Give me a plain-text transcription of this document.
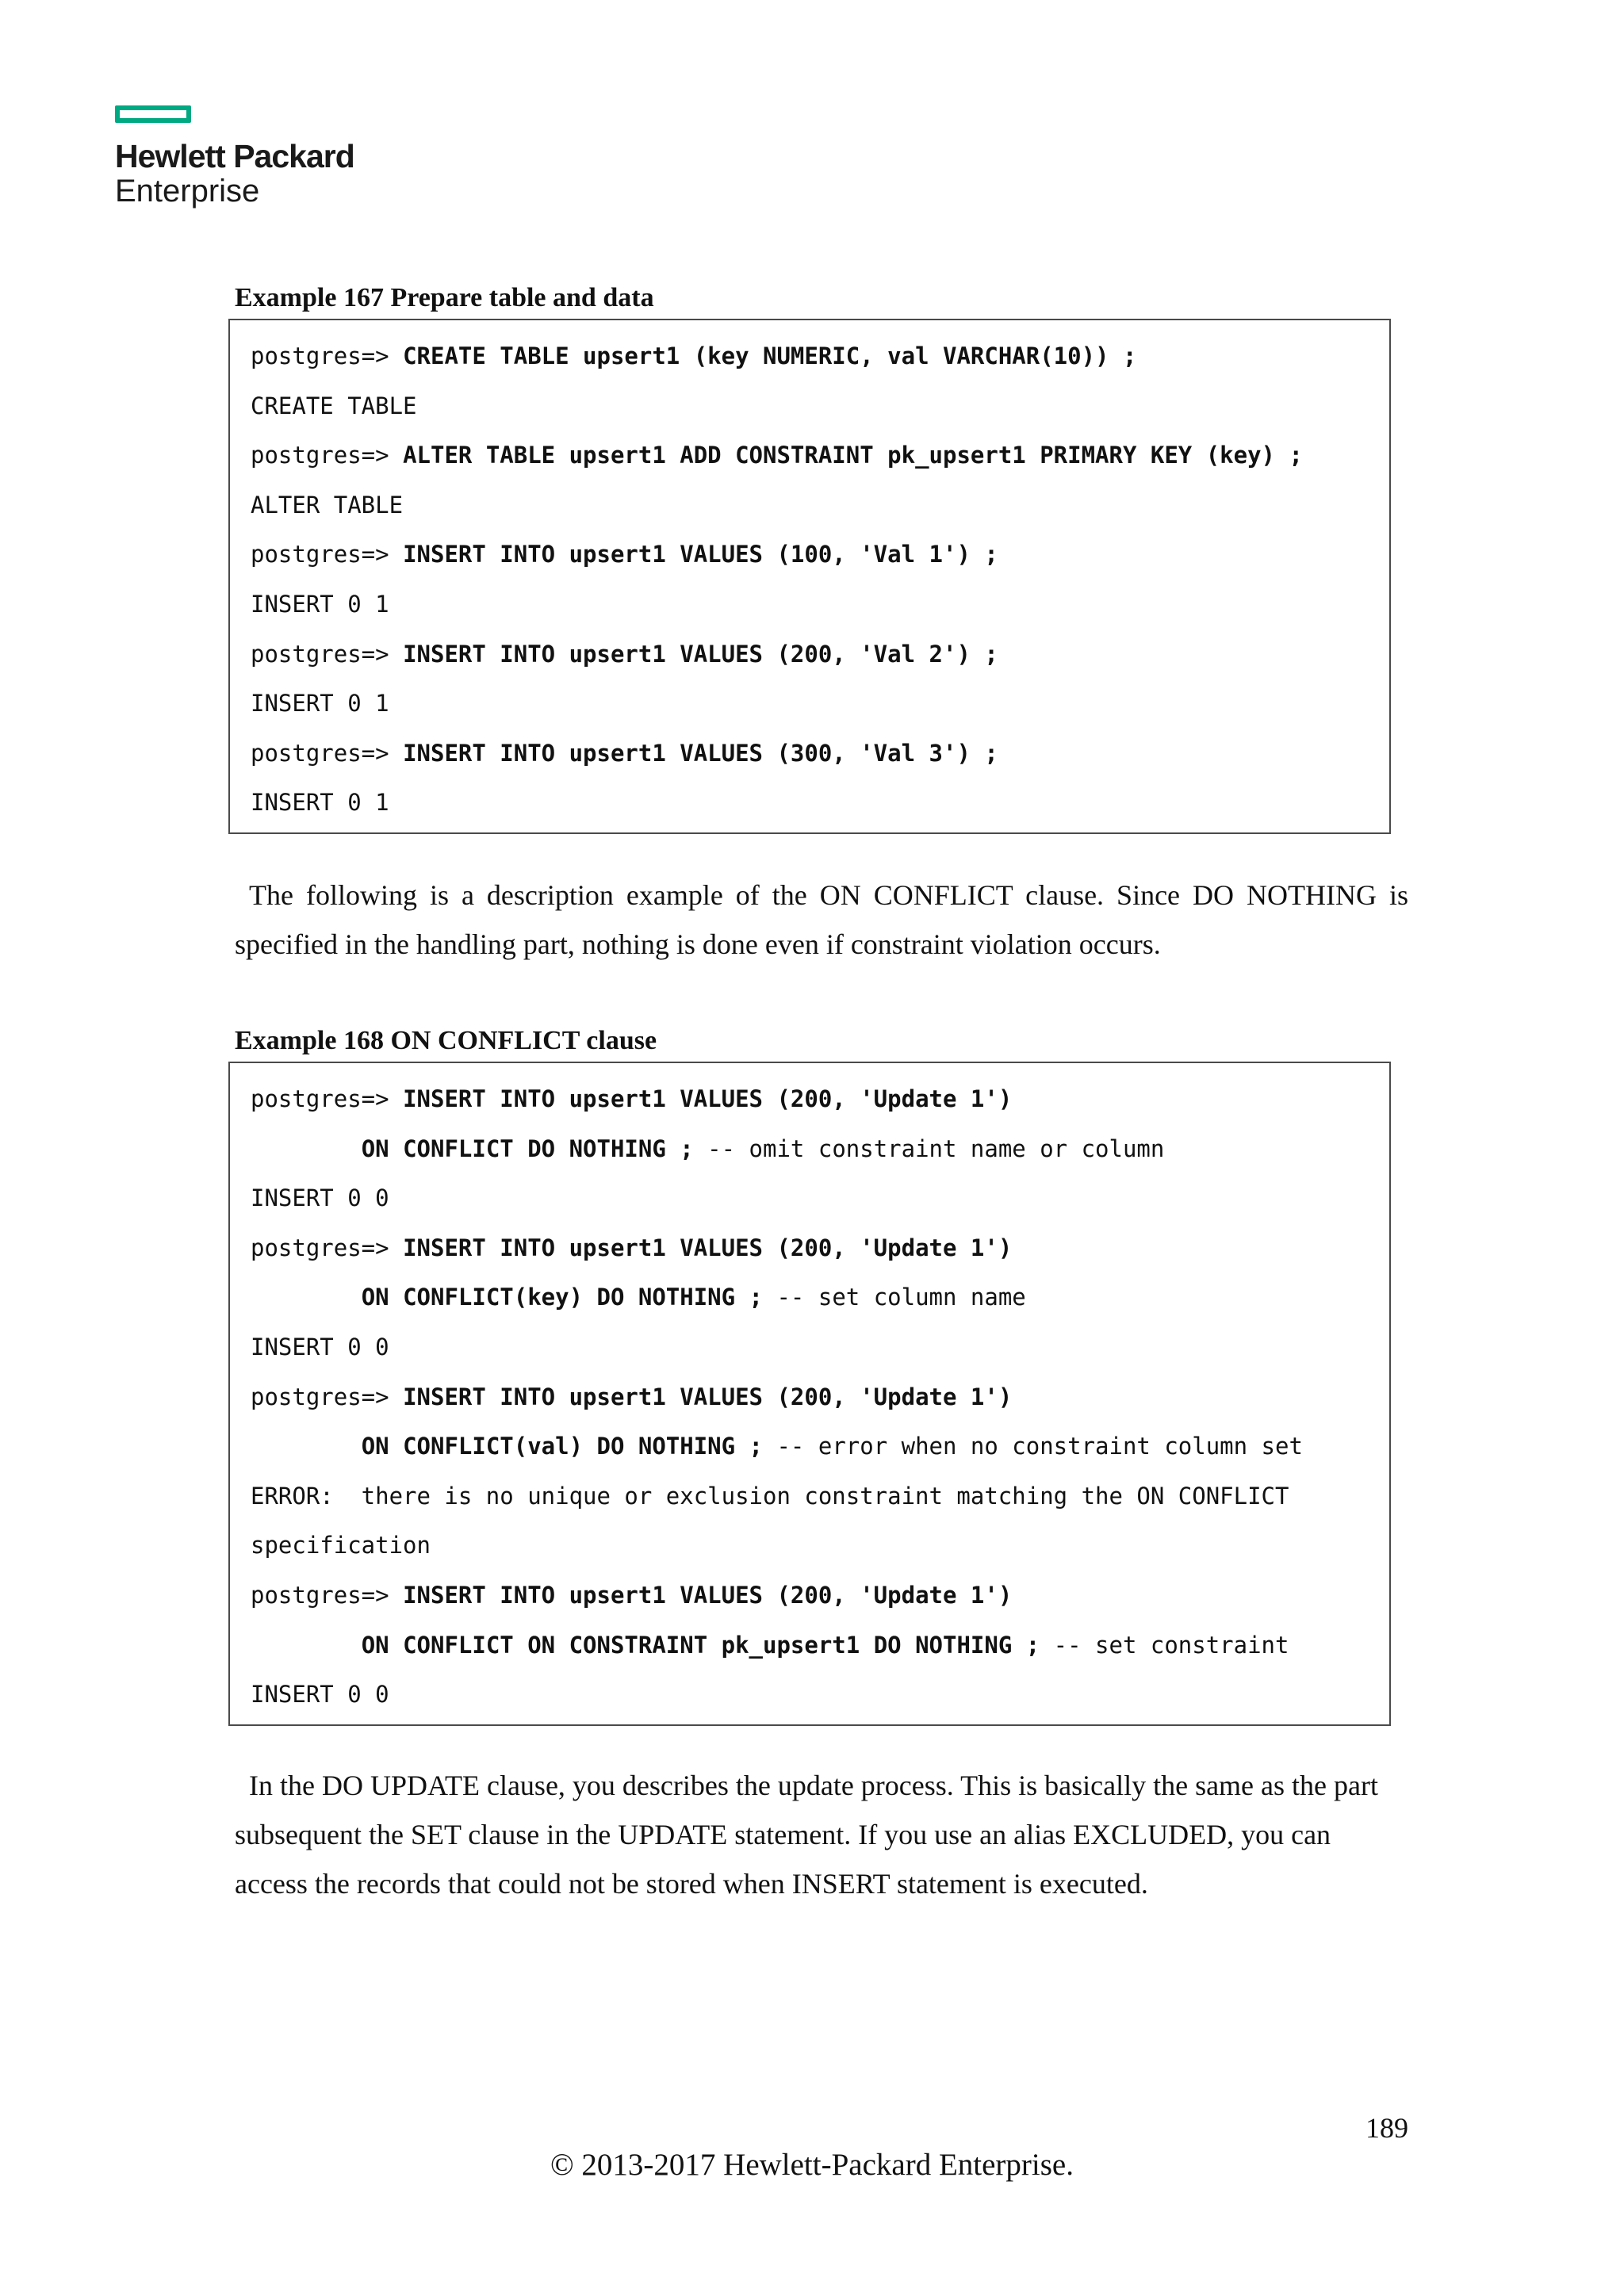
Hewlett Packard
Enterprise
Example 167 Prepare table and data
postgres=> CREATE TABLE upsert1 (key NUMERIC, val VARCHAR(10)) ;
CREATE TABLE
postgres=> ALTER TABLE upsert1 ADD CONSTRAINT pk_upsert1 PRIMARY KEY (key) ;
ALTER TABLE
postgres=> INSERT INTO upsert1 VALUES (100, 'Val 1') ;
INSERT 0 1
postgres=> INSERT INTO upsert1 VALUES (200, 'Val 2') ;
INSERT 0 1
postgres=> INSERT INTO upsert1 VALUES (300, 'Val 3') ;
INSERT 0 1
The following is a description example of the ON CONFLICT clause. Since DO NOTHING is specified in the handling part, nothing is done even if constraint violation occurs.
Example 168 ON CONFLICT clause
postgres=> INSERT INTO upsert1 VALUES (200, 'Update 1')
ON CONFLICT DO NOTHING ; -- omit constraint name or column
INSERT 0 0
postgres=> INSERT INTO upsert1 VALUES (200, 'Update 1')
ON CONFLICT(key) DO NOTHING ; -- set column name
INSERT 0 0
postgres=> INSERT INTO upsert1 VALUES (200, 'Update 1')
ON CONFLICT(val) DO NOTHING ; -- error when no constraint column set
ERROR:  there is no unique or exclusion constraint matching the ON CONFLICT
specification
postgres=> INSERT INTO upsert1 VALUES (200, 'Update 1')
ON CONFLICT ON CONSTRAINT pk_upsert1 DO NOTHING ; -- set constraint
INSERT 0 0
In the DO UPDATE clause, you describes the update process. This is basically the same as the part subsequent the SET clause in the UPDATE statement. If you use an alias EXCLUDED, you can access the records that could not be stored when INSERT statement is executed.
189
© 2013-2017 Hewlett-Packard Enterprise.
